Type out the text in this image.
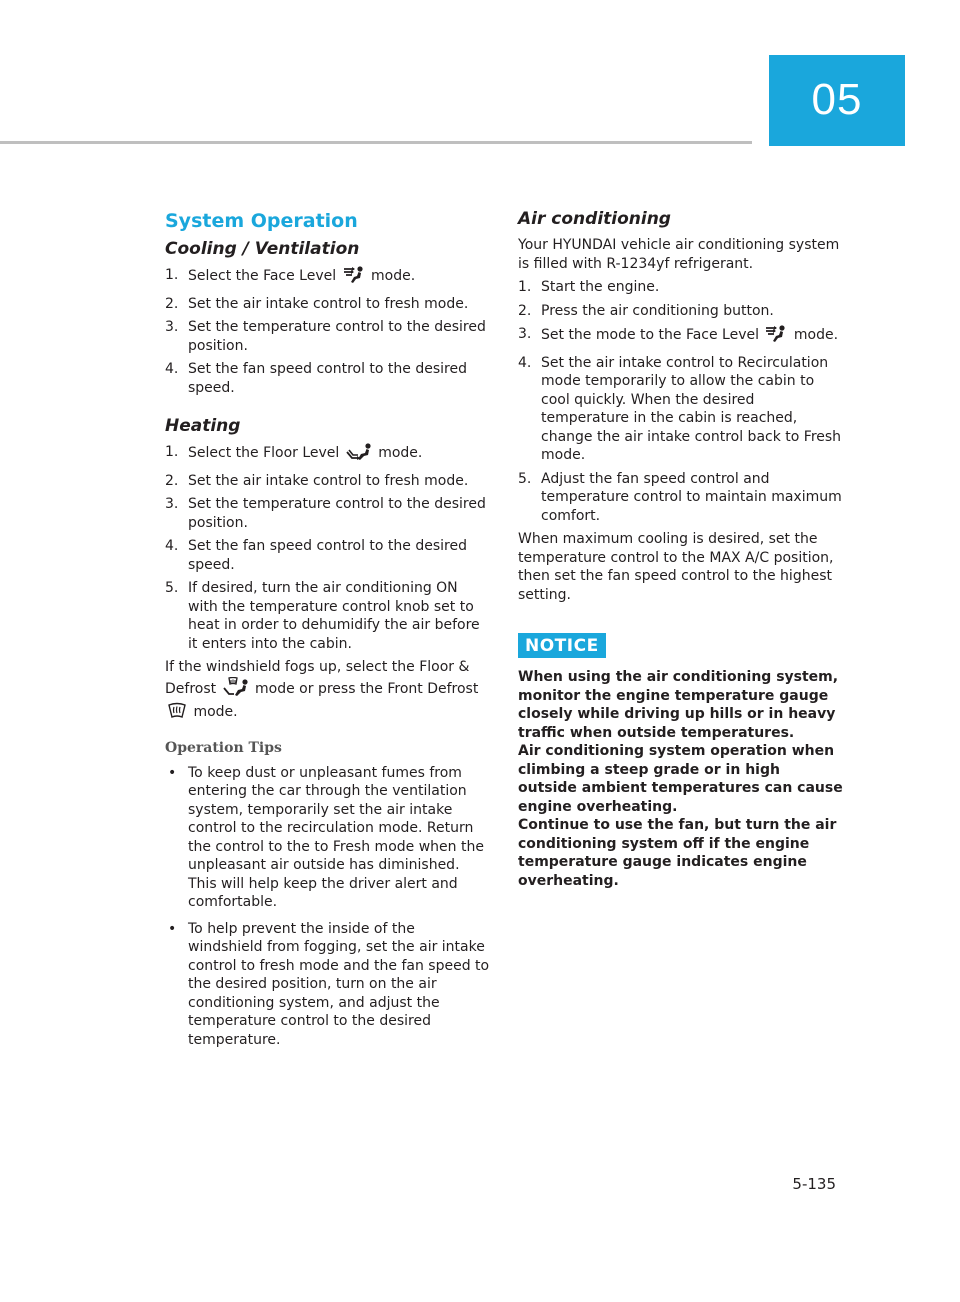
05
System Operation
Cooling / Ventilation
1. Select the Face Level  mode.
2. Set the air intake control to fresh mode.
3. Set the temperature control to the desired position.
4. Set the fan speed control to the desired speed.
Heating
1. Select the Floor Level  mode.
2. Set the air intake control to fresh mode.
3. Set the temperature control to the desired position.
4. Set the fan speed control to the desired speed.
5. If desired, turn the air conditioning ON with the temperature control knob set to heat in order to dehumidify the air before it enters into the cabin.

If the windshield fogs up, select the Floor & Defrost  mode or press the Front Defrost  mode.

Operation Tips
• To keep dust or unpleasant fumes from entering the car through the ventilation system, temporarily set the air intake control to the recirculation mode. Return the control to the to Fresh mode when the unpleasant air outside has diminished. This will help keep the driver alert and comfortable.
• To help prevent the inside of the windshield from fogging, set the air intake control to fresh mode and the fan speed to the desired position, turn on the air conditioning system, and adjust the temperature control to the desired temperature.
Air conditioning

Your HYUNDAI vehicle air conditioning system is filled with R-1234yf refrigerant.

1. Start the engine.
2. Press the air conditioning button.
3. Set the mode to the Face Level  mode.
4. Set the air intake control to Recirculation mode temporarily to allow the cabin to cool quickly. When the desired temperature in the cabin is reached, change the air intake control back to Fresh mode.
5. Adjust the fan speed control and temperature control to maintain maximum comfort.

When maximum cooling is desired, set the temperature control to the MAX A/C position, then set the fan speed control to the highest setting.

NOTICE

When using the air conditioning system, monitor the engine temperature gauge closely while driving up hills or in heavy traffic when outside temperatures.

Air conditioning system operation when climbing a steep grade or in high outside ambient temperatures can cause engine overheating.

Continue to use the fan, but turn the air conditioning system off if the engine temperature gauge indicates engine overheating.

5-135
